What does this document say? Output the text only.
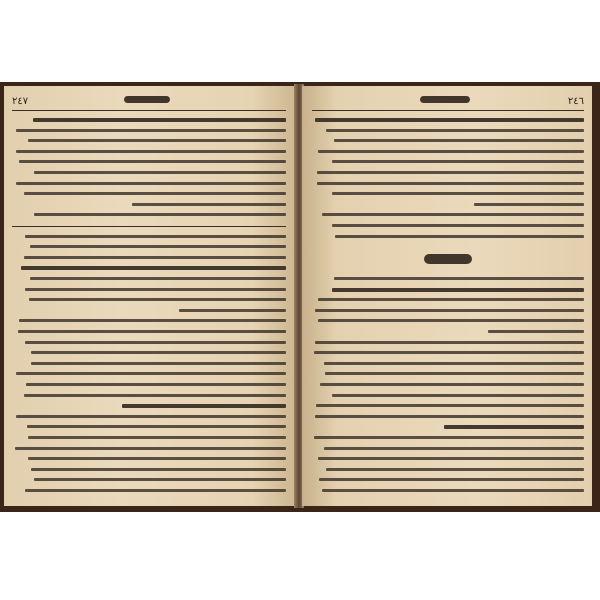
٢٤٧	٢٤٦
